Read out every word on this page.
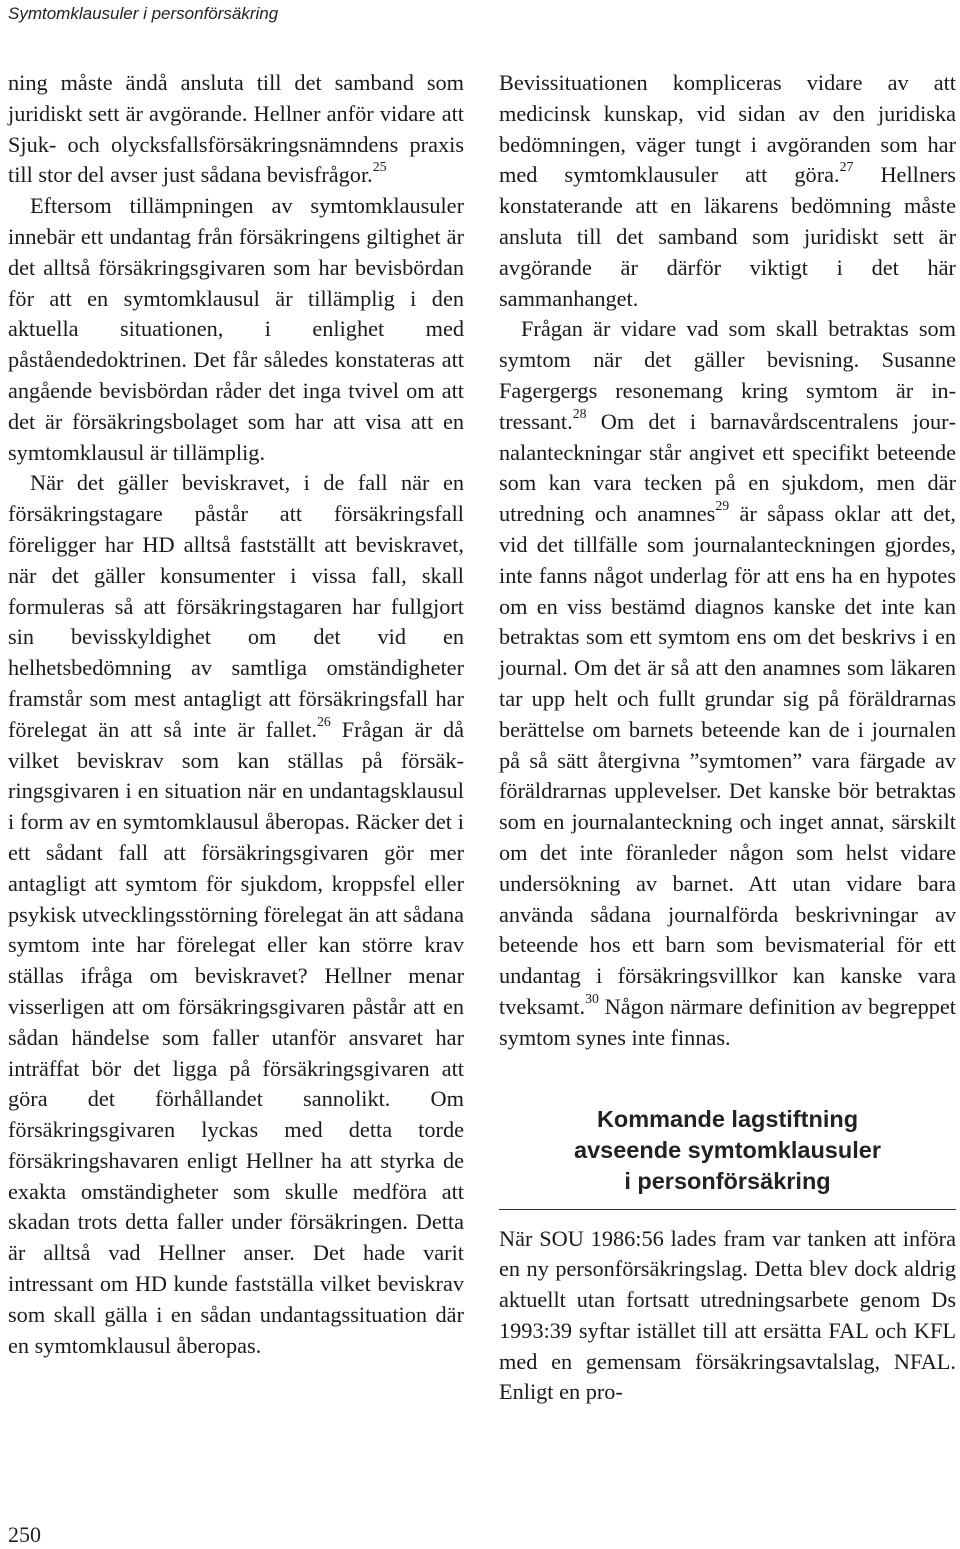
Symtomklausuler i personförsäkring

ning måste ändå ansluta till det samband som juridiskt sett är avgörande. Hellner anför vidare att Sjuk- och olycksfallsförsäkringsnämndens praxis till stor del avser just sådana bevisfrågor.$^{25}$

Eftersom tillämpningen av symtomklausuler innebär ett undantag från försäkringens giltighet är det alltså försäkringsgivaren som har bevisbördan för att en symtomklausul är tillämplig i den aktuella situationen, i enlighet med påståendedoktrinen. Det får således konstateras att angående bevisbördan råder det inga tvivel om att det är försäkringsbolaget som har att visa att en symtomklausul är tillämplig.

När det gäller beviskravet, i de fall när en försäkringstagare påstår att försäkringsfall föreligger har HD alltså fastställt att beviskravet, när det gäller konsumenter i vissa fall, skall formuleras så att försäkringstagaren har fullgjort sin bevisskyldighet om det vid en helhetsbedömning av samtliga omständigheter framstår som mest antagligt att försäkringsfall har förelegat än att så inte är fallet.$^{26}$ Frågan är då vilket beviskrav som kan ställas på försäkringsgivaren i en situation när en undantagsklausul i form av en symtomklausul åberopas. Räcker det i ett sådant fall att försäkringsgivaren gör mer antagligt att symtom för sjukdom, kroppsfel eller psykisk utvecklingsstörning förelegat än att sådana symtom inte har förelegat eller kan större krav ställas ifråga om beviskravet? Hellner menar visserligen att om försäkringsgivaren påstår att en sådan händelse som faller utanför ansvaret har inträffat bör det ligga på försäkringsgivaren att göra det förhållandet sannolikt. Om försäkringsgivaren lyckas med detta torde försäkringshavaren enligt Hellner ha att styrka de exakta omständigheter som skulle medföra att skadan trots detta faller under försäkringen. Detta är alltså vad Hellner anser. Det hade varit intressant om HD kunde fastställa vilket beviskrav som skall gälla i en sådan undantagssituation där en symtomklausul åberopas.

Bevissituationen kompliceras vidare av att medicinsk kunskap, vid sidan av den juridiska bedömningen, väger tungt i avgöranden som har med symtomklausuler att göra.$^{27}$ Hellners konstaterande att en läkarens bedömning måste ansluta till det samband som juridiskt sett är avgörande är därför viktigt i det här sammanhanget.

Frågan är vidare vad som skall betraktas som symtom när det gäller bevisning. Susanne Fagergergs resonemang kring symtom är intressant.$^{28}$ Om det i barnavårdscentralens journalanteckningar står angivet ett specifikt beteende som kan vara tecken på en sjukdom, men där utredning och anamnes$^{29}$ är såpass oklar att det, vid det tillfälle som journalanteckningen gjordes, inte fanns något underlag för att ens ha en hypotes om en viss bestämd diagnos kanske det inte kan betraktas som ett symtom ens om det beskrivs i en journal. Om det är så att den anamnes som läkaren tar upp helt och fullt grundar sig på föräldrarnas berättelse om barnets beteende kan de i journalen på så sätt återgivna ”symtomen” vara färgade av föräldrarnas upplevelser. Det kanske bör betraktas som en journalanteckning och inget annat, särskilt om det inte föranleder någon som helst vidare undersökning av barnet. Att utan vidare bara använda sådana journalförda beskrivningar av beteende hos ett barn som bevismaterial för ett undantag i försäkringsvillkor kan kanske vara tveksamt.$^{30}$ Någon närmare definition av begreppet symtom synes inte finnas.

Kommande lagstiftning
avseende symtomklausuler
i personförsäkring

När SOU 1986:56 lades fram var tanken att införa en ny personförsäkringslag. Detta blev dock aldrig aktuellt utan fortsatt utredningsarbete genom Ds 1993:39 syftar istället till att ersätta FAL och KFL med en gemensam försäkringsavtalslag, NFAL. Enligt en pro-

250
